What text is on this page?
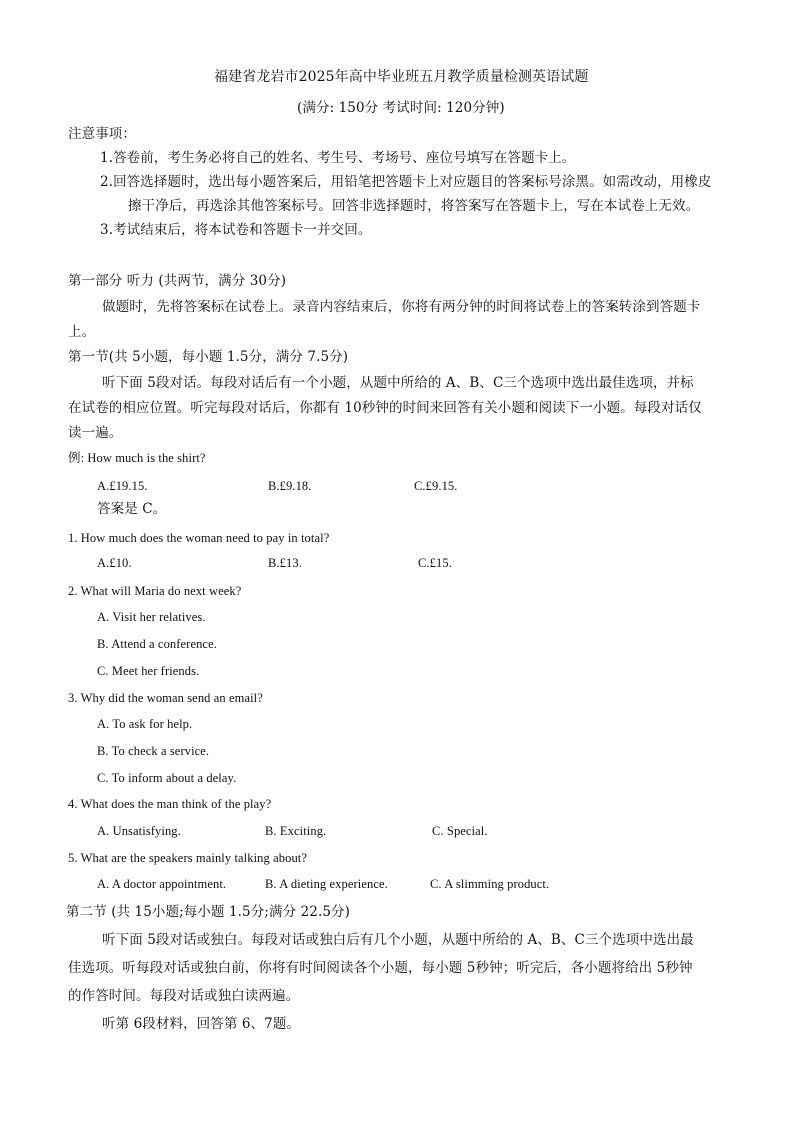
福建省龙岩市2025年高中毕业班五月教学质量检测英语试题
(满分: 150分 考试时间: 120分钟)
注意事项：
1.答卷前，考生务必将自己的姓名、考生号、考场号、座位号填写在答题卡上。
2.回答选择题时，选出每小题答案后，用铅笔把答题卡上对应题目的答案标号涂黑。如需改动，用橡皮
擦干净后，再选涂其他答案标号。回答非选择题时，将答案写在答题卡上，写在本试卷上无效。
3.考试结束后，将本试卷和答题卡一并交回。
第一部分 听力 (共两节，满分 30分)
做题时，先将答案标在试卷上。录音内容结束后，你将有两分钟的时间将试卷上的答案转涂到答题卡
上。
第一节(共 5小题，每小题 1.5分，满分 7.5分)
听下面 5段对话。每段对话后有一个小题，从题中所给的 A、B、C三个选项中选出最佳选项，并标
在试卷的相应位置。听完每段对话后，你都有 10秒钟的时间来回答有关小题和阅读下一小题。每段对话仅
读一遍。
例: How much is the shirt?
A.£19.15.	B.£9.18.	C.£9.15.
答案是 C。
1. How much does the woman need to pay in total?
A.£10.	B.£13.	C.£15.
2. What will Maria do next week?
A. Visit her relatives.
B. Attend a conference.
C. Meet her friends.
3. Why did the woman send an email?
A. To ask for help.
B. To check a service.
C. To inform about a delay.
4. What does the man think of the play?
A. Unsatisfying.	B. Exciting.	C. Special.
5. What are the speakers mainly talking about?
A. A doctor appointment.	B. A dieting experience.	C. A slimming product.
第二节 (共 15小题;每小题 1.5分;满分 22.5分)
听下面 5段对话或独白。每段对话或独白后有几个小题，从题中所给的 A、B、C三个选项中选出最
佳选项。听每段对话或独白前，你将有时间阅读各个小题，每小题 5秒钟；听完后，各小题将给出 5秒钟
的作答时间。每段对话或独白读两遍。
听第 6段材料，回答第 6、7题。
